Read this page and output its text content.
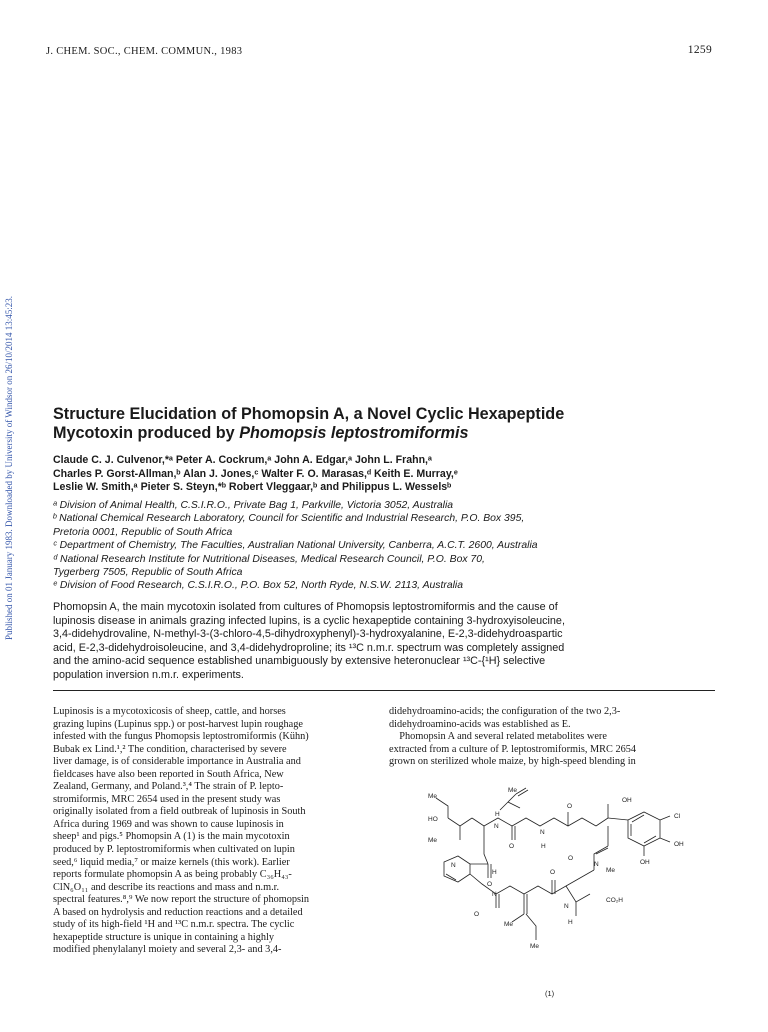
J. CHEM. SOC., CHEM. COMMUN., 1983	1259
Published on 01 January 1983. Downloaded by University of Windsor on 26/10/2014 13:45:23. Structure Elucidation of Phomopsin A, a Novel Cyclic Hexapeptide
Mycotoxin produced by Phomopsis leptostromiformis
Claude C. J. Culvenor,*ᵃ Peter A. Cockrum,ᵃ John A. Edgar,ᵃ John L. Frahn,ᵃ
Charles P. Gorst-Allman,ᵇ Alan J. Jones,ᶜ Walter F. O. Marasas,ᵈ Keith E. Murray,ᵉ
Leslie W. Smith,ᵃ Pieter S. Steyn,*ᵇ Robert Vleggaar,ᵇ and Philippus L. Wesselsᵇ
ᵃ Division of Animal Health, C.S.I.R.O., Private Bag 1, Parkville, Victoria 3052, Australia
ᵇ National Chemical Research Laboratory, Council for Scientific and Industrial Research, P.O. Box 395,
Pretoria 0001, Republic of South Africa
ᶜ Department of Chemistry, The Faculties, Australian National University, Canberra, A.C.T. 2600, Australia
ᵈ National Research Institute for Nutritional Diseases, Medical Research Council, P.O. Box 70,
Tygerberg 7505, Republic of South Africa
ᵉ Division of Food Research, C.S.I.R.O., P.O. Box 52, North Ryde, N.S.W. 2113, Australia
Phomopsin A, the main mycotoxin isolated from cultures of Phomopsis leptostromiformis and the cause of
lupinosis disease in animals grazing infected lupins, is a cyclic hexapeptide containing 3-hydroxyisoleucine,
3,4-didehydrovaline, N-methyl-3-(3-chloro-4,5-dihydroxyphenyl)-3-hydroxyalanine, E-2,3-didehydroaspartic
acid, E-2,3-didehydroisoleucine, and 3,4-didehydroproline; its ¹³C n.m.r. spectrum was completely assigned
and the amino-acid sequence established unambiguously by extensive heteronuclear ¹³C-{¹H} selective
population inversion n.m.r. experiments.
Lupinosis is a mycotoxicosis of sheep, cattle, and horses
grazing lupins (Lupinus spp.) or post-harvest lupin roughage
infested with the fungus Phomopsis leptostromiformis (Kühn)
Bubak ex Lind.¹,² The condition, characterised by severe
liver damage, is of considerable importance in Australia and
fieldcases have also been reported in South Africa, New
Zealand, Germany, and Poland.³,⁴ The strain of P. lepto-
stromiformis, MRC 2654 used in the present study was
originally isolated from a field outbreak of lupinosis in South
Africa during 1969 and was shown to cause lupinosis in
sheep¹ and pigs.⁵ Phomopsin A (1) is the main mycotoxin
produced by P. leptostromiformis when cultivated on lupin
seed,⁶ liquid media,⁷ or maize kernels (this work). Earlier
reports formulate phomopsin A as being probably C₃₆H₄₃-
ClN₆O₁₁ and describe its reactions and mass and n.m.r.
spectral features.⁸,⁹ We now report the structure of phomopsin
A based on hydrolysis and reduction reactions and a detailed
study of its high-field ¹H and ¹³C n.m.r. spectra. The cyclic
hexapeptide structure is unique in containing a highly
modified phenylalanyl moiety and several 2,3- and 3,4-
didehydroamino-acids; the configuration of the two 2,3-
didehydroamino-acids was established as E.
Phomopsin A and several related metabolites were
extracted from a culture of P. leptostromiformis, MRC 2654
grown on sterilized whole maize, by high-speed blending in
Me
Me
HO
Me
H
N
O
O
N
H
OH
Cl
OH
OH
N
O
N
Me
O
H
N
O
CO₂H
N
H
O
Me
Me
(1)
